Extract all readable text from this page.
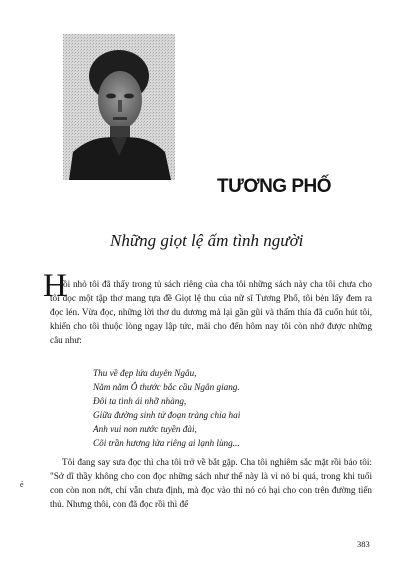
TƯƠNG PHỐ
Những giọt lệ ấm tình người
H
ồi nhỏ tôi đã thấy trong tủ sách riêng của cha tôi những sách này cha tôi chưa cho tôi đọc một tập thơ mang tựa đề Giọt lệ thu của nữ sĩ Tương Phố, tôi bèn lấy đem ra đọc lén. Vừa đọc, những lời thơ du dương mà lại gần gũi và thấm thía đã cuốn hút tôi, khiến cho tôi thuộc lòng ngay lập tức, mãi cho đến hôm nay tôi còn nhớ được những câu như:
Thu về đẹp lứa duyên Ngâu,
Năm năm Ô thước bắc cầu Ngân giang.
Đôi ta tình ái nhỡ nhàng,
Giữa đường sinh tử đoạn tràng chia hai
Anh vui non nước tuyền đài,
Cõi trần hương lửa riêng ai lạnh lùng...
Tôi đang say sưa đọc thì cha tôi trở về bắt gặp. Cha tôi nghiêm sắc mặt rồi bảo tôi: "Sở dĩ thầy không cho con đọc những sách như thế này là vì nó bi quá, trong khi tuổi con còn non nớt, chí vẫn chưa định, mà đọc vào thì nó có hại cho con trên đường tiến thủ. Nhưng thôi, con đã đọc rồi thì để
ẻ
383
